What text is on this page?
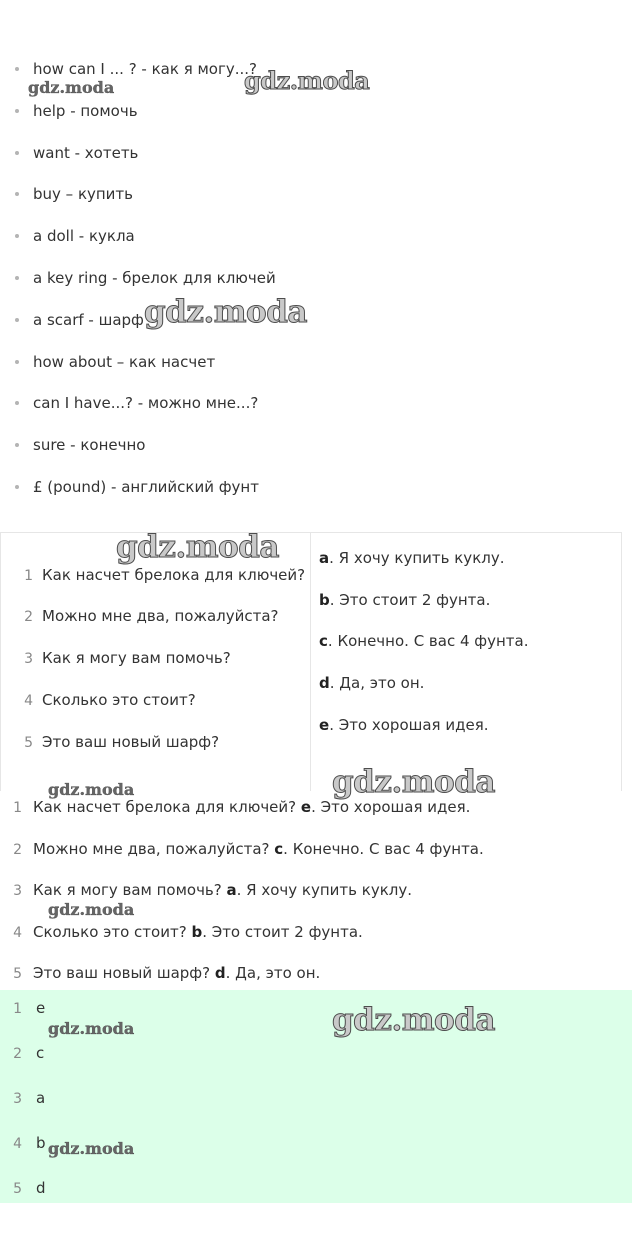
how can I ... ? - как я могу...?
help - помочь
want - хотеть
buy – купить
a doll - кукла
a key ring - брелок для ключей
a scarf - шарф
how about – как насчет
can I have...? - можно мне...?
sure - конечно
£ (pound) - английский фунт
1 Как насчет брелока для ключей?
2 Можно мне два, пожалуйста?
3 Как я могу вам помочь?
4 Сколько это стоит?
5 Это ваш новый шарф?
a. Я хочу купить куклу.
b. Это стоит 2 фунта.
c. Конечно. С вас 4 фунта.
d. Да, это он.
e. Это хорошая идея.
1 Как насчет брелока для ключей? e. Это хорошая идея.
2 Можно мне два, пожалуйста? c. Конечно. С вас 4 фунта.
3 Как я могу вам помочь? a. Я хочу купить куклу.
4 Сколько это стоит? b. Это стоит 2 фунта.
5 Это ваш новый шарф? d. Да, это он.
1 e
2 c
3 a
4 b
5 d
gdz.moda	gdz.moda
gdz.moda
gdz.moda
gdz.moda	gdz.moda
gdz.moda
gdz.moda	gdz.moda
gdz.moda
